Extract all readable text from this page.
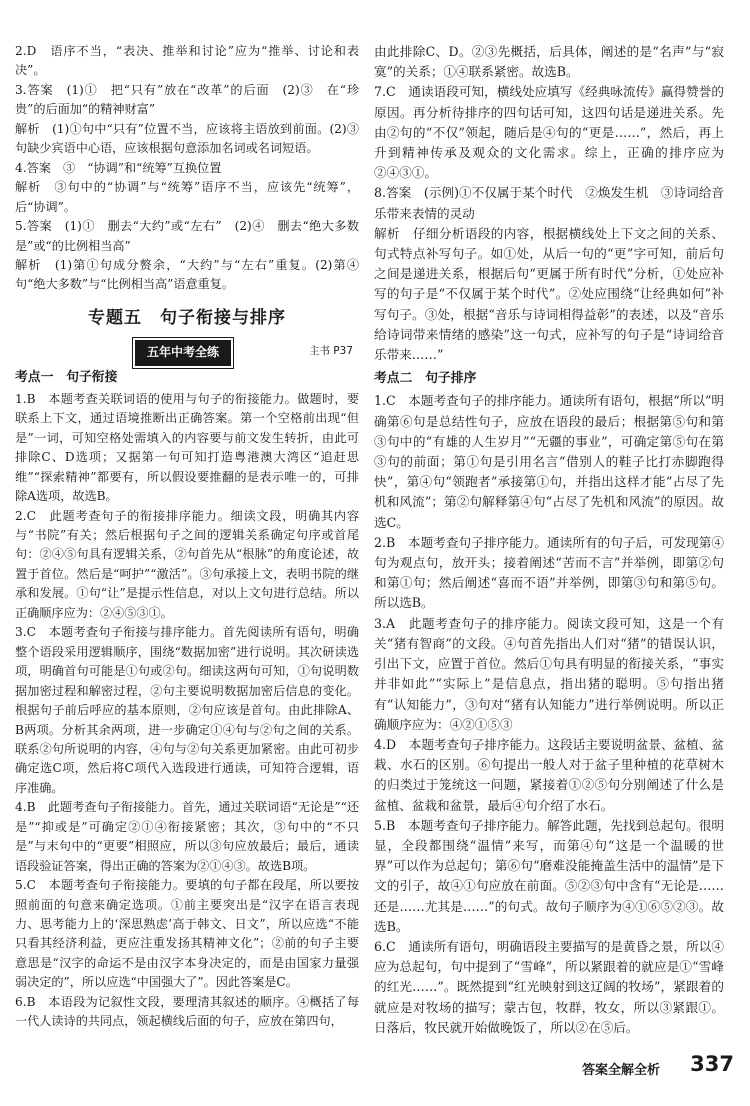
2.D　语序不当，“表决、推举和讨论”应为“推举、讨论和表决”。

3.答案　(1)①　把“只有”放在“改革”的后面　(2)③　在“珍贵”的后面加“的精神财富”

解析　(1)①句中“只有”位置不当，应该将主语放到前面。(2)③句缺少宾语中心语，应该根据句意添加名词或名词短语。

4.答案　③　“协调”和“统筹”互换位置

解析　③句中的“协调”与“统筹”语序不当，应该先“统筹”，后“协调”。

5.答案　(1)①　删去“大约”或“左右”　(2)④　删去“绝大多数是”或“的比例相当高”

解析　(1)第①句成分赘余，“大约”与“左右”重复。(2)第④句“绝大多数”与“比例相当高”语意重复。

专题五　句子衔接与排序
五年中考全练	主书 P37
考点一　句子衔接

1.B　本题考查关联词语的使用与句子的衔接能力。做题时，要联系上下文，通过语境推断出正确答案。第一个空格前出现“但是”一词，可知空格处需填入的内容要与前文发生转折，由此可排除C、D选项；又据第一句可知打造粤港澳大湾区“追赶思维”“探索精神”都要有，所以假设要推翻的是表示唯一的，可排除A选项，故选B。

2.C　此题考查句子的衔接排序能力。细读文段，明确其内容与“书院”有关；然后根据句子之间的逻辑关系确定句序或首尾句：②④⑤句具有逻辑关系，②句首先从“根脉”的角度论述，故置于首位。然后是“呵护”“激活”。③句承接上文，表明书院的继承和发展。①句“让”是提示性信息，对以上文句进行总结。所以正确顺序应为：②④⑤③①。

3.C　本题考查句子衔接与排序能力。首先阅读所有语句，明确整个语段采用逻辑顺序，围绕“数据加密”进行说明。其次研读选项，明确首句可能是①句或②句。细读这两句可知，①句说明数据加密过程和解密过程，②句主要说明数据加密后信息的变化。根据句子前后呼应的基本原则，②句应该是首句。由此排除A、B两项。分析其余两项，进一步确定①④句与②句之间的关系。联系②句所说明的内容，④句与②句关系更加紧密。由此可初步确定选C项，然后将C项代入选段进行通读，可知符合逻辑，语序准确。

4.B　此题考查句子衔接能力。首先，通过关联词语“无论是”“还是”“抑或是”可确定②①④衔接紧密；其次，③句中的“不只是”与末句中的“更要”相照应，所以③句应放最后；最后，通读语段验证答案，得出正确的答案为②①④③。故选B项。

5.C　本题考查句子衔接能力。要填的句子都在段尾，所以要按照前面的句意来确定选项。①前主要突出是“汉字在语言表现力、思考能力上的‘深思熟虑’高于韩文、日文”，所以应选“不能只看其经济利益，更应注重发扬其精神文化”；②前的句子主要意思是“汉字的命运不是由汉字本身决定的，而是由国家力量强弱决定的”，所以应选“中国强大了”。因此答案是C。

6.B　本语段为记叙性文段，要理清其叙述的顺序。④概括了每一代人读诗的共同点，领起横线后面的句子，应放在第四句，

由此排除C、D。②③先概括，后具体，阐述的是“名声”与“寂寞”的关系；①④联系紧密。故选B。

7.C　通读语段可知，横线处应填写《经典咏流传》赢得赞誉的原因。再分析待排序的四句话可知，这四句话是递进关系。先由②句的“不仅”领起，随后是④句的“更是……”，然后，再上升到精神传承及观众的文化需求。综上，正确的排序应为②④③①。

8.答案　(示例)①不仅属于某个时代　②焕发生机　③诗词给音乐带来表情的灵动

解析　仔细分析语段的内容，根据横线处上下文之间的关系、句式特点补写句子。如①处，从后一句的“更”字可知，前后句之间是递进关系，根据后句“更属于所有时代”分析，①处应补写的句子是“不仅属于某个时代”。②处应围绕“让经典如何”补写句子。③处，根据“音乐与诗词相得益彰”的表述，以及“音乐给诗词带来情绪的感染”这一句式，应补写的句子是“诗词给音乐带来……”

考点二　句子排序

1.C　本题考查句子的排序能力。通读所有语句，根据“所以”明确第⑥句是总结性句子，应放在语段的最后；根据第⑤句和第③句中的“有雄的人生岁月”“无疆的事业”，可确定第⑤句在第③句的前面；第①句是引用名言“借别人的鞋子比打赤脚跑得快”，第④句“领跑者”承接第①句，并指出这样才能“占尽了先机和风流”；第②句解释第④句“占尽了先机和风流”的原因。故选C。

2.B　本题考查句子排序能力。通读所有的句子后，可发现第④句为观点句，放开头；接着阐述“苦而不言”并举例，即第②句和第①句；然后阐述“喜而不语”并举例，即第③句和第⑤句。所以选B。

3.A　此题考查句子的排序能力。阅读文段可知，这是一个有关“猪有智商”的文段。④句首先指出人们对“猪”的错误认识，引出下文，应置于首位。然后①句具有明显的衔接关系，“事实并非如此”“实际上”是信息点，指出猪的聪明。⑤句指出猪有“认知能力”，③句对“猪有认知能力”进行举例说明。所以正确顺序应为：④②①⑤③

4.D　本题考查句子排序能力。这段话主要说明盆景、盆植、盆栽、水石的区别。⑥句提出一般人对于盆子里种植的花草树木的归类过于笼统这一问题，紧接着①②⑤句分别阐述了什么是盆植、盆栽和盆景，最后④句介绍了水石。

5.B　本题考查句子排序能力。解答此题，先找到总起句。很明显，全段都围绕“温情”来写，而第④句“这是一个温暖的世界”可以作为总起句；第⑥句“磨难没能掩盖生活中的温情”是下文的引子，故④①句应放在前面。⑤②③句中含有“无论是……还是……尤其是……”的句式。故句子顺序为④①⑥⑤②③。故选B。

6.C　通读所有语句，明确语段主要描写的是黄昏之景，所以④应为总起句，句中提到了“雪峰”，所以紧跟着的就应是①“雪峰的红光……”。既然提到“红光映射到这辽阔的牧场”，紧跟着的就应是对牧场的描写；蒙古包，牧群，牧女，所以③紧跟①。日落后，牧民就开始做晚饭了，所以②在⑤后。

答案全解全析 337
